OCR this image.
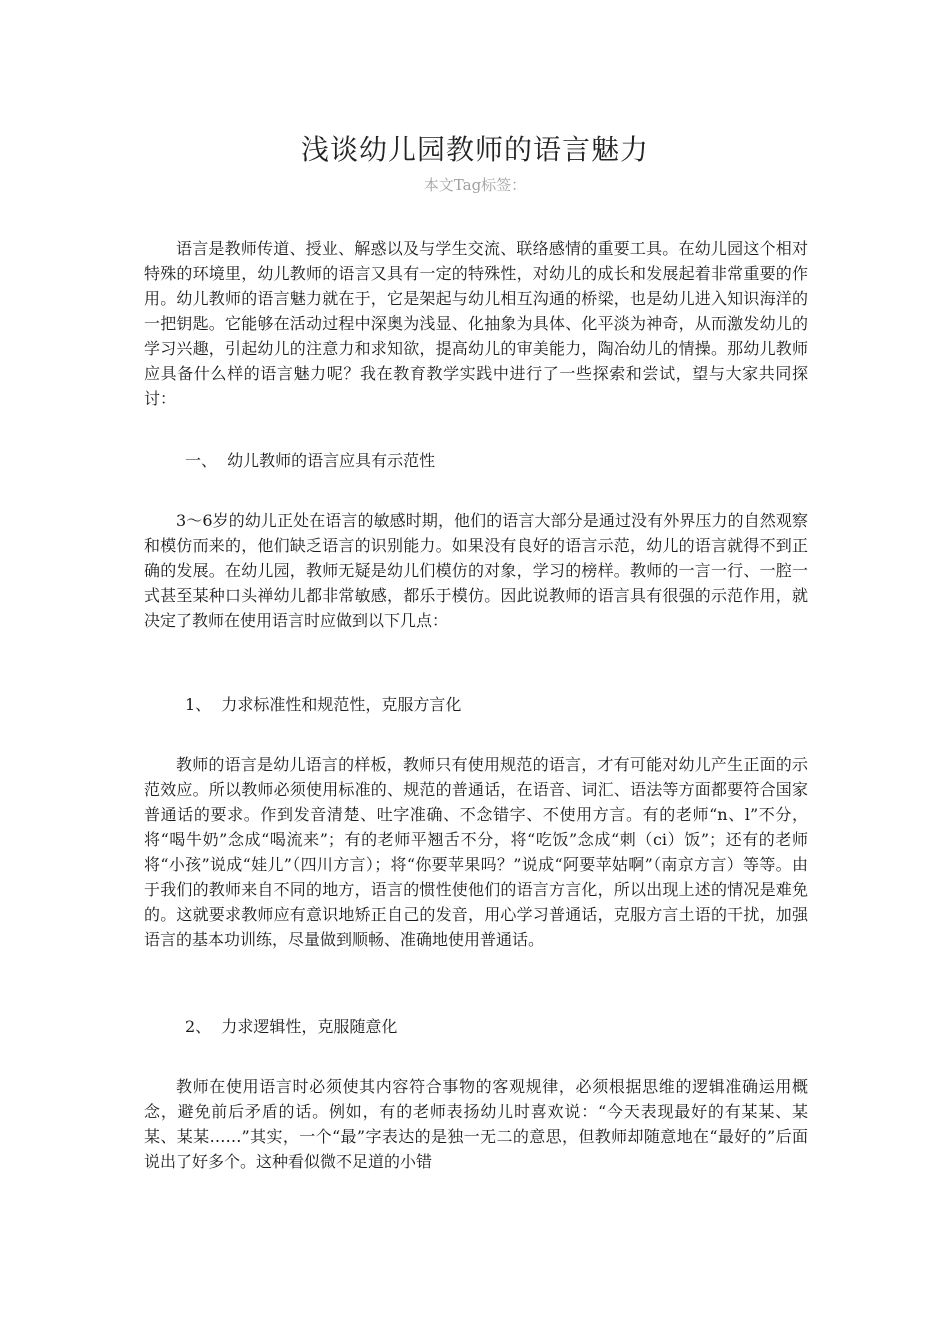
浅谈幼儿园教师的语言魅力
本文Tag标签：

语言是教师传道、授业、解惑以及与学生交流、联络感情的重要工具。在幼儿园这个相对特殊的环境里，幼儿教师的语言又具有一定的特殊性，对幼儿的成长和发展起着非常重要的作用。幼儿教师的语言魅力就在于，它是架起与幼儿相互沟通的桥梁，也是幼儿进入知识海洋的一把钥匙。它能够在活动过程中深奥为浅显、化抽象为具体、化平淡为神奇，从而激发幼儿的学习兴趣，引起幼儿的注意力和求知欲，提高幼儿的审美能力，陶冶幼儿的情操。那幼儿教师应具备什么样的语言魅力呢？我在教育教学实践中进行了一些探索和尝试，望与大家共同探讨：

一、  幼儿教师的语言应具有示范性

3～6岁的幼儿正处在语言的敏感时期，他们的语言大部分是通过没有外界压力的自然观察和模仿而来的，他们缺乏语言的识别能力。如果没有良好的语言示范，幼儿的语言就得不到正确的发展。在幼儿园，教师无疑是幼儿们模仿的对象，学习的榜样。教师的一言一行、一腔一式甚至某种口头禅幼儿都非常敏感，都乐于模仿。因此说教师的语言具有很强的示范作用，就决定了教师在使用语言时应做到以下几点：

1、  力求标准性和规范性，克服方言化

教师的语言是幼儿语言的样板，教师只有使用规范的语言，才有可能对幼儿产生正面的示范效应。所以教师必须使用标准的、规范的普通话，在语音、词汇、语法等方面都要符合国家普通话的要求。作到发音清楚、吐字准确、不念错字、不使用方言。有的老师“n、l”不分，将“喝牛奶”念成“喝流来”；有的老师平翘舌不分，将“吃饭”念成“刺（ci）饭”；还有的老师将“小孩”说成“娃儿”（四川方言）；将“你要苹果吗？”说成“阿要苹姑啊”（南京方言）等等。由于我们的教师来自不同的地方，语言的惯性使他们的语言方言化，所以出现上述的情况是难免的。这就要求教师应有意识地矫正自己的发音，用心学习普通话，克服方言土语的干扰，加强语言的基本功训练，尽量做到顺畅、准确地使用普通话。

2、  力求逻辑性，克服随意化

教师在使用语言时必须使其内容符合事物的客观规律，必须根据思维的逻辑准确运用概念，避免前后矛盾的话。例如，有的老师表扬幼儿时喜欢说：“今天表现最好的有某某、某某、某某……”其实，一个“最”字表达的是独一无二的意思，但教师却随意地在“最好的”后面说出了好多个。这种看似微不足道的小错
